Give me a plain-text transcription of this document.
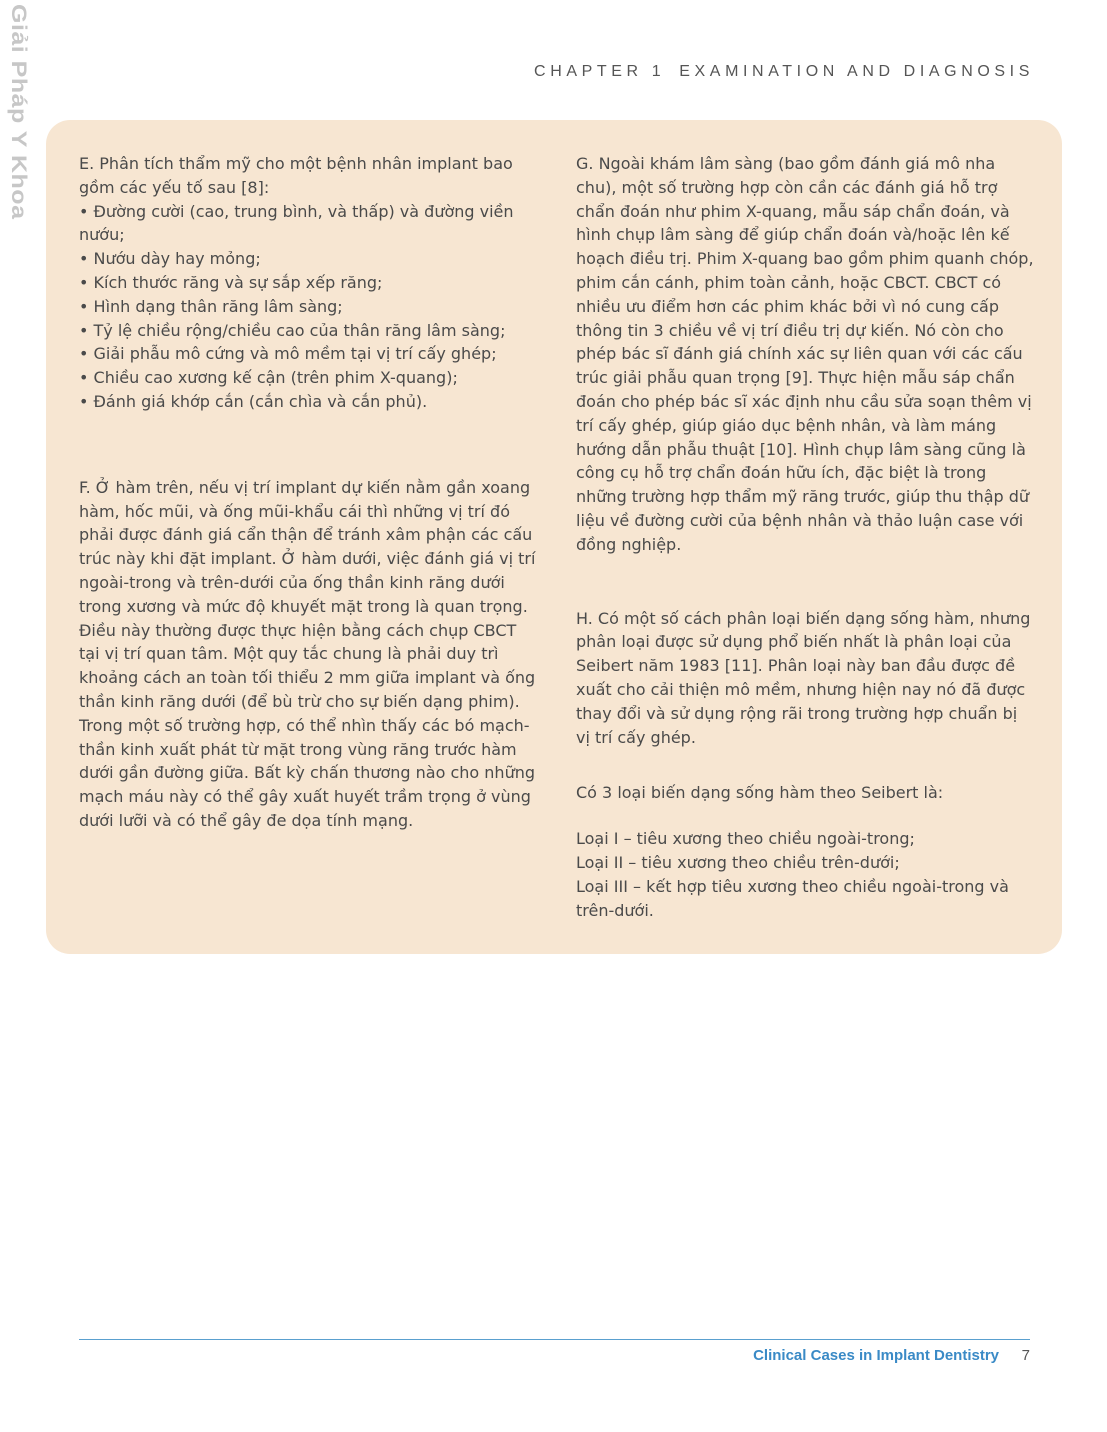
Giải Pháp Y Khoa	CHAPTER 1 EXAMINATION AND DIAGNOSIS

E. Phân tích thẩm mỹ cho một bệnh nhân implant bao gồm các yếu tố sau [8]:

• Đường cười (cao, trung bình, và thấp) và đường viền nướu;
• Nướu dày hay mỏng;
• Kích thước răng và sự sắp xếp răng;
• Hình dạng thân răng lâm sàng;
• Tỷ lệ chiều rộng/chiều cao của thân răng lâm sàng;
• Giải phẫu mô cứng và mô mềm tại vị trí cấy ghép;
• Chiều cao xương kế cận (trên phim X-quang);
• Đánh giá khớp cắn (cắn chìa và cắn phủ).

F. Ở hàm trên, nếu vị trí implant dự kiến nằm gần xoang hàm, hốc mũi, và ống mũi-khẩu cái thì những vị trí đó phải được đánh giá cẩn thận để tránh xâm phận các cấu trúc này khi đặt implant. Ở hàm dưới, việc đánh giá vị trí ngoài-trong và trên-dưới của ống thần kinh răng dưới trong xương và mức độ khuyết mặt trong là quan trọng. Điều này thường được thực hiện bằng cách chụp CBCT tại vị trí quan tâm. Một quy tắc chung là phải duy trì khoảng cách an toàn tối thiểu 2 mm giữa implant và ống thần kinh răng dưới (để bù trừ cho sự biến dạng phim). Trong một số trường hợp, có thể nhìn thấy các bó mạch-thần kinh xuất phát từ mặt trong vùng răng trước hàm dưới gần đường giữa. Bất kỳ chấn thương nào cho những mạch máu này có thể gây xuất huyết trầm trọng ở vùng dưới lưỡi và có thể gây đe dọa tính mạng.

G. Ngoài khám lâm sàng (bao gồm đánh giá mô nha chu), một số trường hợp còn cần các đánh giá hỗ trợ chẩn đoán như phim X-quang, mẫu sáp chẩn đoán, và hình chụp lâm sàng để giúp chẩn đoán và/hoặc lên kế hoạch điều trị. Phim X-quang bao gồm phim quanh chóp, phim cắn cánh, phim toàn cảnh, hoặc CBCT. CBCT có nhiều ưu điểm hơn các phim khác bởi vì nó cung cấp thông tin 3 chiều về vị trí điều trị dự kiến. Nó còn cho phép bác sĩ đánh giá chính xác sự liên quan với các cấu trúc giải phẫu quan trọng [9]. Thực hiện mẫu sáp chẩn đoán cho phép bác sĩ xác định nhu cầu sửa soạn thêm vị trí cấy ghép, giúp giáo dục bệnh nhân, và làm máng hướng dẫn phẫu thuật [10]. Hình chụp lâm sàng cũng là công cụ hỗ trợ chẩn đoán hữu ích, đặc biệt là trong những trường hợp thẩm mỹ răng trước, giúp thu thập dữ liệu về đường cười của bệnh nhân và thảo luận case với đồng nghiệp.

H. Có một số cách phân loại biến dạng sống hàm, nhưng phân loại được sử dụng phổ biến nhất là phân loại của Seibert năm 1983 [11]. Phân loại này ban đầu được đề xuất cho cải thiện mô mềm, nhưng hiện nay nó đã được thay đổi và sử dụng rộng rãi trong trường hợp chuẩn bị vị trí cấy ghép.

Có 3 loại biến dạng sống hàm theo Seibert là:

Loại I – tiêu xương theo chiều ngoài-trong;

Loại II – tiêu xương theo chiều trên-dưới;

Loại III – kết hợp tiêu xương theo chiều ngoài-trong và trên-dưới.

Clinical Cases in Implant Dentistry 7
